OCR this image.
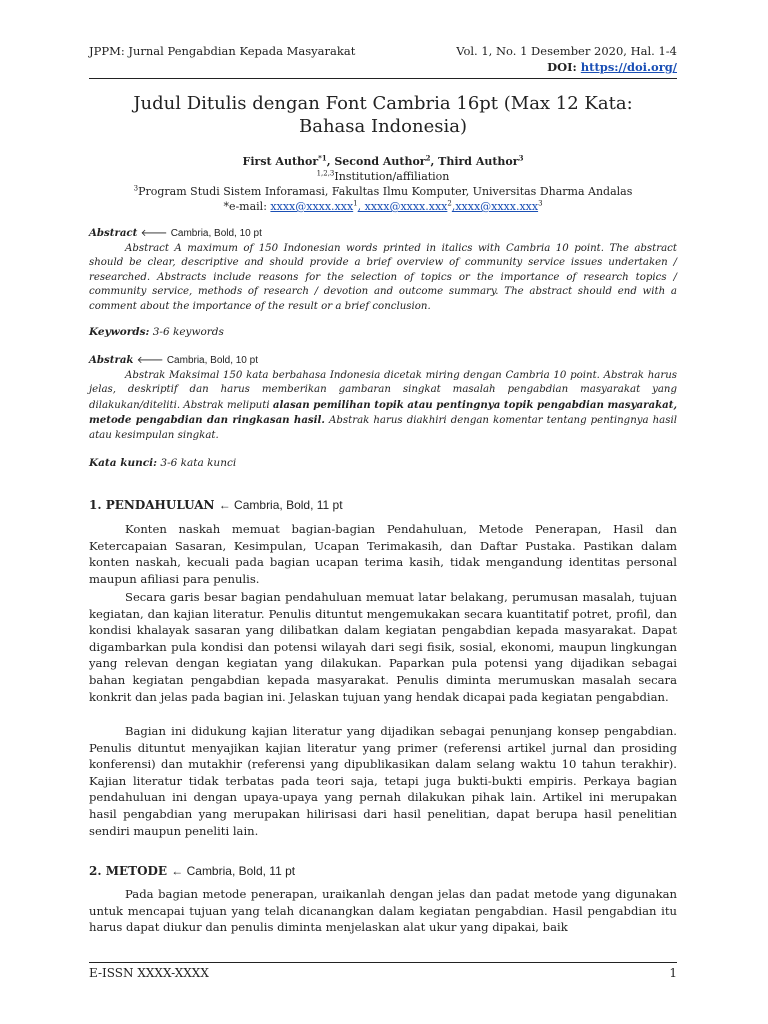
JPPM: Jurnal Pengabdian Kepada Masyarakat	Vol. 1, No. 1 Desember 2020, Hal. 1-4
DOI: https://doi.org/
Judul Ditulis dengan Font Cambria 16pt (Max 12 Kata: Bahasa Indonesia)
First Author$^{*1}$, Second Author$^2$, Third Author$^3$
$^{1,2,3}$Institution/affiliation
$^3$Program Studi Sistem Inforamasi, Fakultas Ilmu Komputer, Universitas Dharma Andalas
*e-mail: xxxx@xxxx.xxx$^1$, xxxx@xxxx.xxx$^2$,xxxx@xxxx.xxx$^3$
Abstract 🡐 Cambria, Bold, 10 pt
Abstract A maximum of 150 Indonesian words printed in italics with Cambria 10 point. The abstract should be clear, descriptive and should provide a brief overview of community service issues undertaken / researched. Abstracts include reasons for the selection of topics or the importance of research topics / community service, methods of research / devotion and outcome summary. The abstract should end with a comment about the importance of the result or a brief conclusion.
Keywords: 3-6 keywords
Abstrak 🡐 Cambria, Bold, 10 pt
Abstrak Maksimal 150 kata berbahasa Indonesia dicetak miring dengan Cambria 10 point. Abstrak harus jelas, deskriptif dan harus memberikan gambaran singkat masalah pengabdian masyarakat yang dilakukan/diteliti. Abstrak meliputi alasan pemilihan topik atau pentingnya topik pengabdian masyarakat, metode pengabdian dan ringkasan hasil. Abstrak harus diakhiri dengan komentar tentang pentingnya hasil atau kesimpulan singkat.
Kata kunci: 3-6 kata kunci
1. PENDAHULUAN ← Cambria, Bold, 11 pt
Konten naskah memuat bagian-bagian Pendahuluan, Metode Penerapan, Hasil dan Ketercapaian Sasaran, Kesimpulan, Ucapan Terimakasih, dan Daftar Pustaka. Pastikan dalam konten naskah, kecuali pada bagian ucapan terima kasih, tidak mengandung identitas personal maupun afiliasi para penulis.
Secara garis besar bagian pendahuluan memuat latar belakang, perumusan masalah, tujuan kegiatan, dan kajian literatur. Penulis dituntut mengemukakan secara kuantitatif potret, profil, dan kondisi khalayak sasaran yang dilibatkan dalam kegiatan pengabdian kepada masyarakat. Dapat digambarkan pula kondisi dan potensi wilayah dari segi fisik, sosial, ekonomi, maupun lingkungan yang relevan dengan kegiatan yang dilakukan. Paparkan pula potensi yang dijadikan sebagai bahan kegiatan pengabdian kepada masyarakat. Penulis diminta merumuskan masalah secara konkrit dan jelas pada bagian ini. Jelaskan tujuan yang hendak dicapai pada kegiatan pengabdian.
Bagian ini didukung kajian literatur yang dijadikan sebagai penunjang konsep pengabdian. Penulis dituntut menyajikan kajian literatur yang primer (referensi artikel jurnal dan prosiding konferensi) dan mutakhir (referensi yang dipublikasikan dalam selang waktu 10 tahun terakhir). Kajian literatur tidak terbatas pada teori saja, tetapi juga bukti-bukti empiris. Perkaya bagian pendahuluan ini dengan upaya-upaya yang pernah dilakukan pihak lain. Artikel ini merupakan hasil pengabdian yang merupakan hilirisasi dari hasil penelitian, dapat berupa hasil penelitian sendiri maupun peneliti lain.
2. METODE ← Cambria, Bold, 11 pt
Pada bagian metode penerapan, uraikanlah dengan jelas dan padat metode yang digunakan untuk mencapai tujuan yang telah dicanangkan dalam kegiatan pengabdian. Hasil pengabdian itu harus dapat diukur dan penulis diminta menjelaskan alat ukur yang dipakai, baik
E-ISSN XXXX-XXXX	1
